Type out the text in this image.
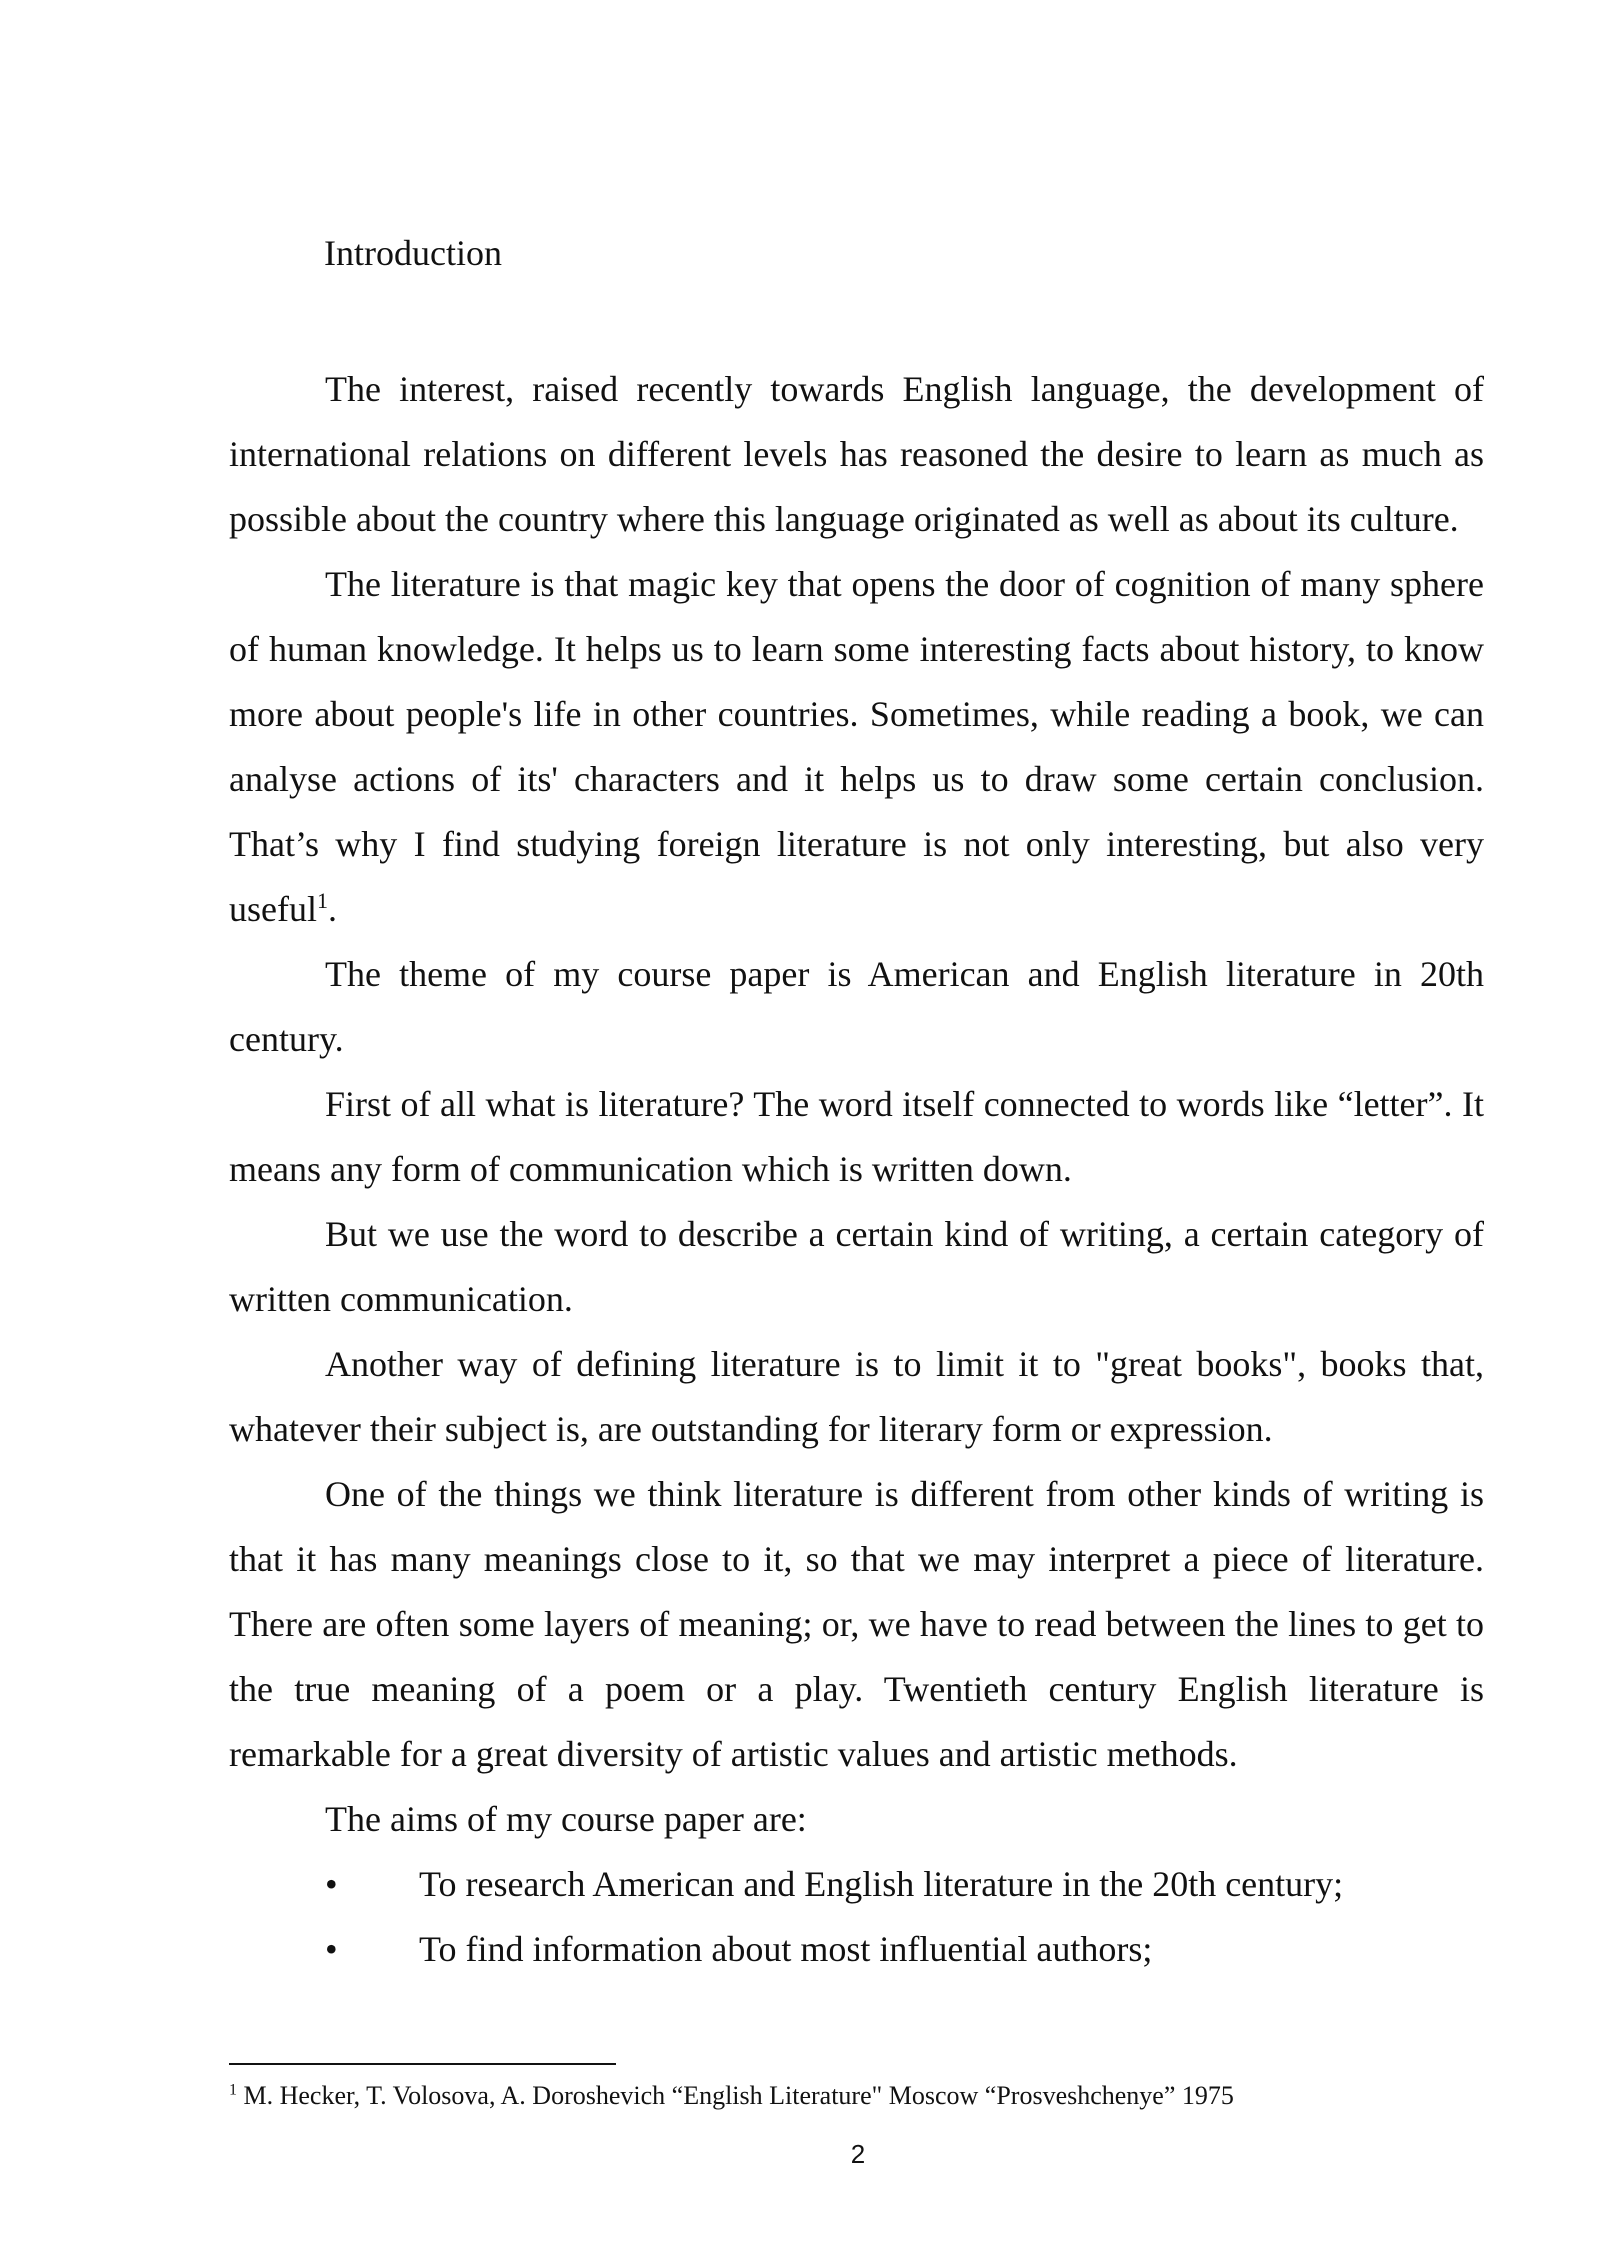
Introduction

The interest, raised recently towards English language, the development of international relations on different levels has reasoned the desire to learn as much as possible about the country where this language originated as well as about its culture.

The literature is that magic key that opens the door of cognition of many sphere of human knowledge. It helps us to learn some interesting facts about history, to know more about people's life in other countries. Sometimes, while reading a book, we can analyse actions of its' characters and it helps us to draw some certain conclusion. That’s why I find studying foreign literature is not only interesting, but also very useful$^1$.

The theme of my course paper is American and English literature in 20th century.

First of all what is literature? The word itself connected to words like “letter”. It means any form of communication which is written down.

But we use the word to describe a certain kind of writing, a certain category of written communication.

Another way of defining literature is to limit it to "great books", books that, whatever their subject is, are outstanding for literary form or expression.

One of the things we think literature is different from other kinds of writing is that it has many meanings close to it, so that we may interpret a piece of literature. There are often some layers of meaning; or, we have to read between the lines to get to the true meaning of a poem or a play. Twentieth century English literature is remarkable for a great diversity of artistic values and artistic methods.

The aims of my course paper are:

•	To research American and English literature in the 20th century;
•	To find information about most influential authors;
$^1$ M. Hecker, T. Volosova, A. Doroshevich “English Literature" Moscow “Prosveshchenye” 1975
2
